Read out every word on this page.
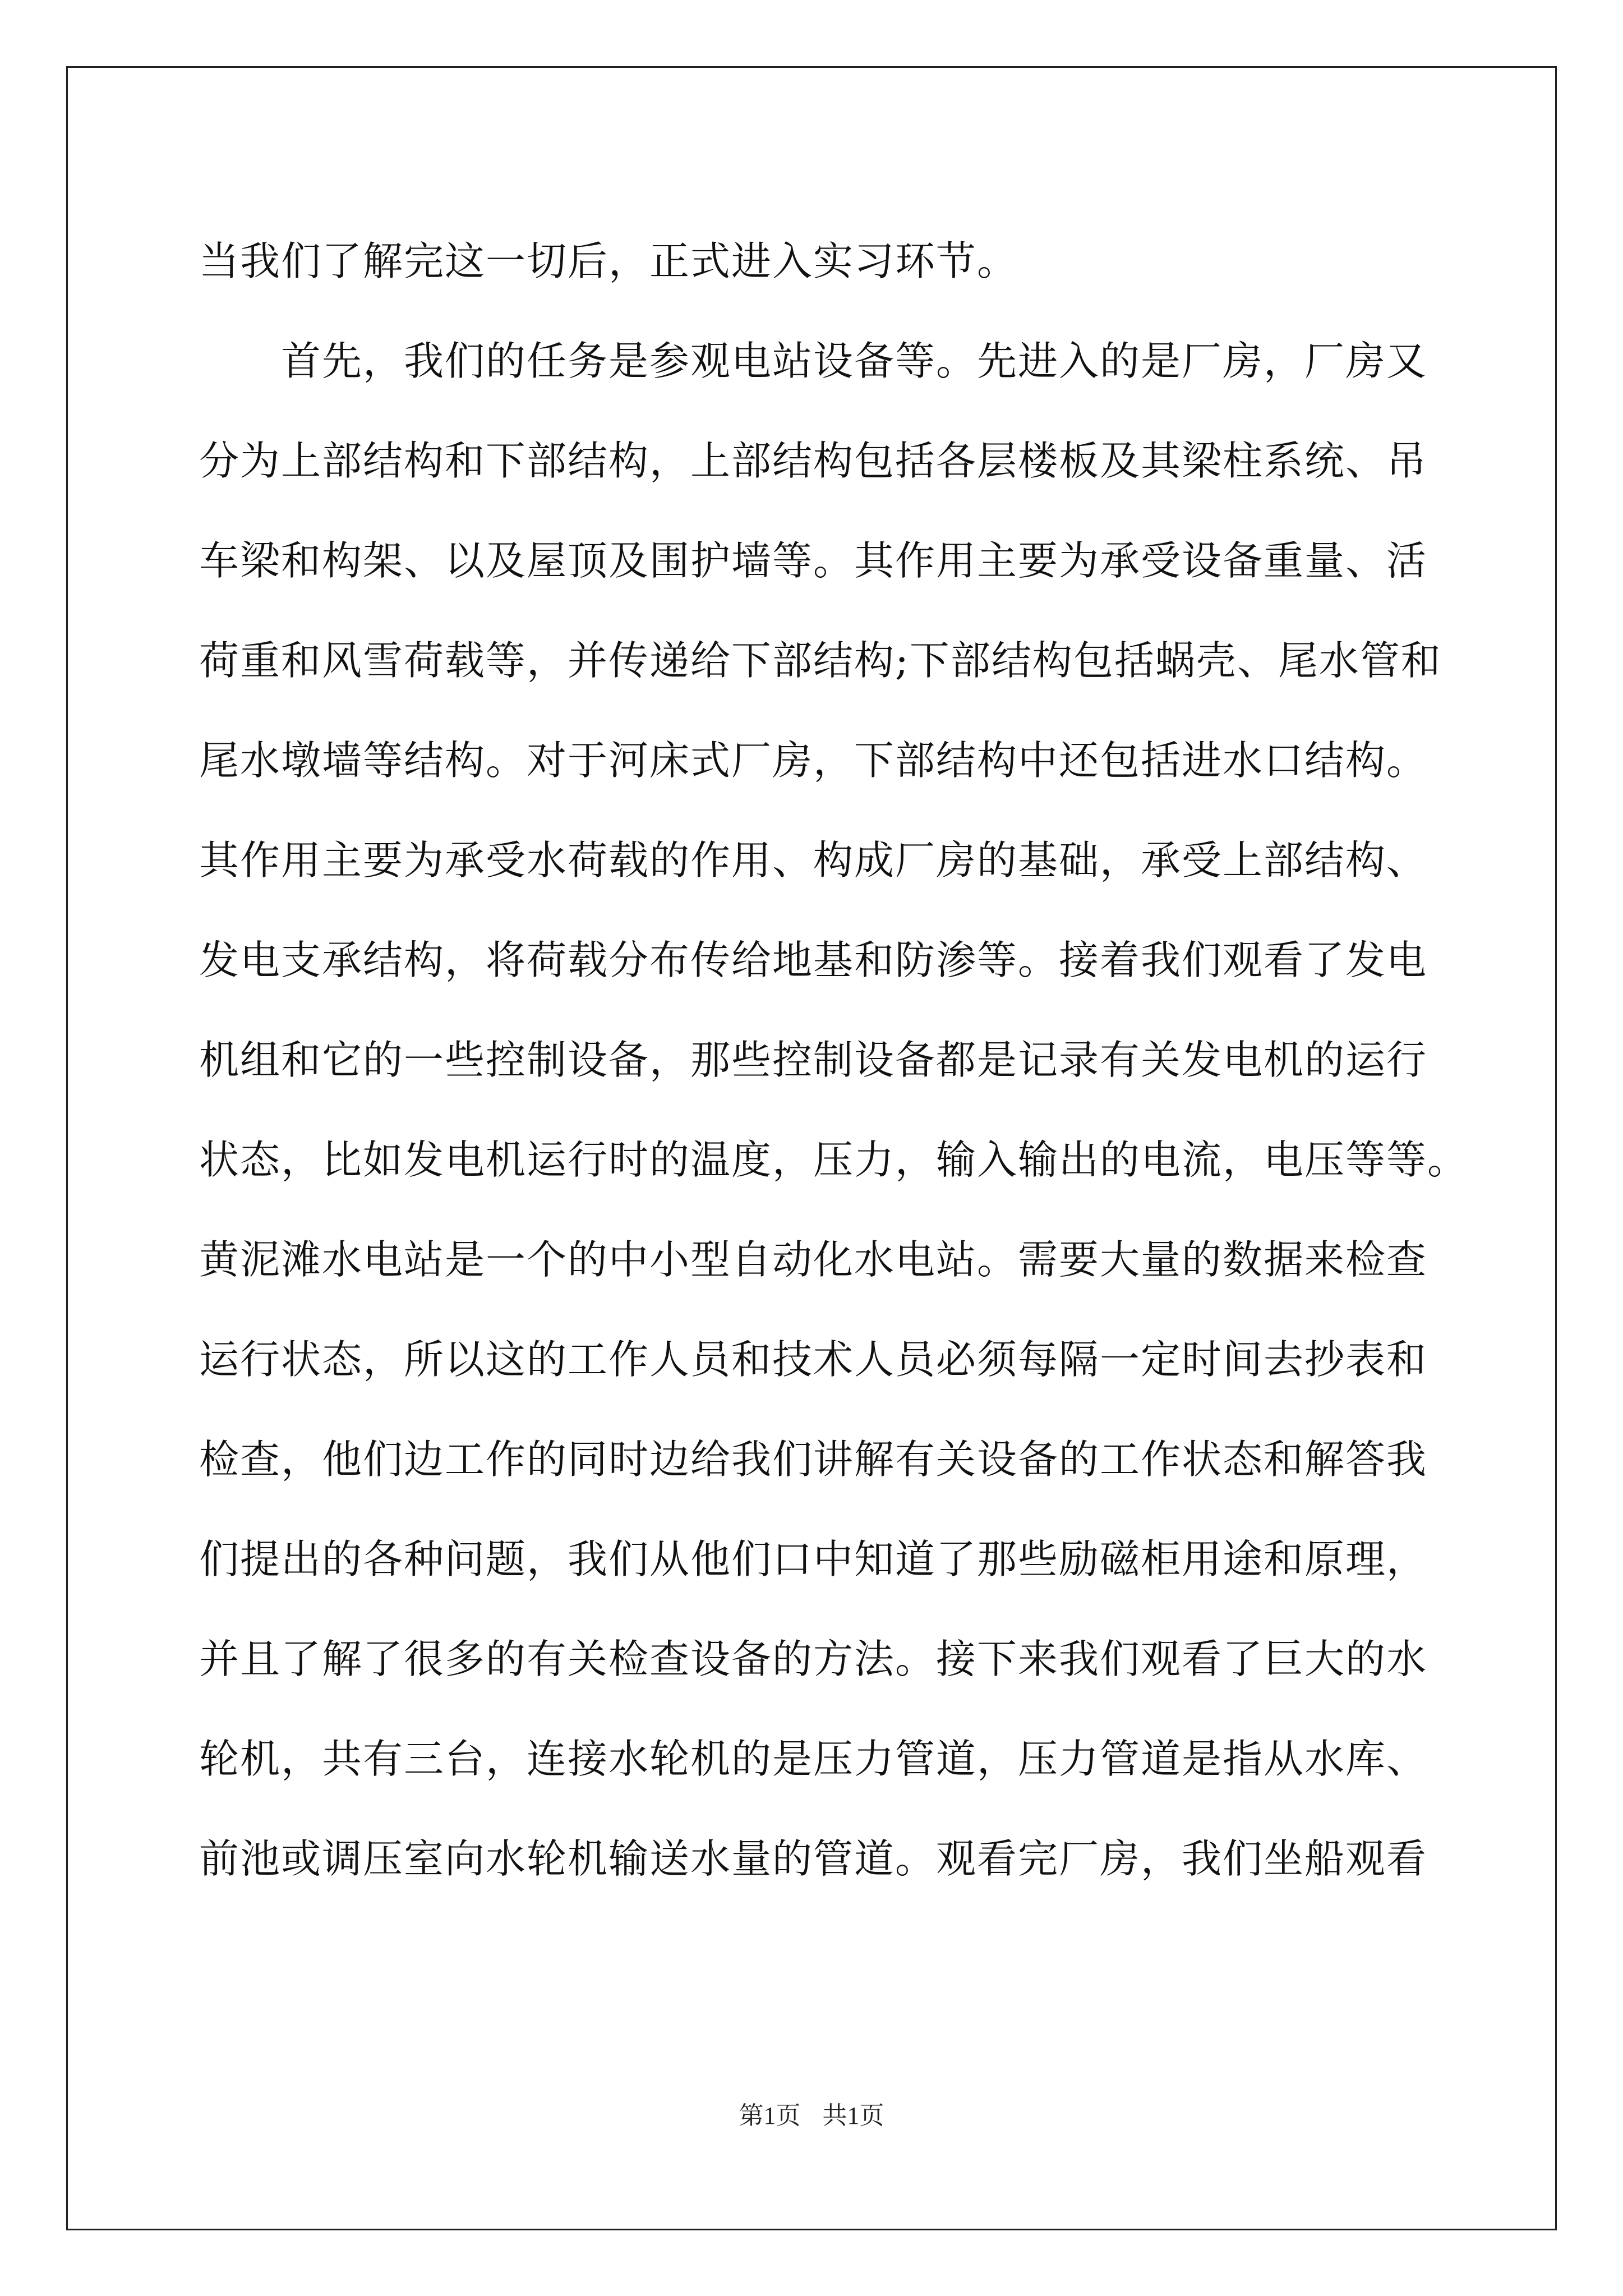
当我们了解完这一切后，正式进入实习环节。
　　首先，我们的任务是参观电站设备等。先进入的是厂房，厂房又
分为上部结构和下部结构，上部结构包括各层楼板及其梁柱系统、吊
车梁和构架、以及屋顶及围护墙等。其作用主要为承受设备重量、活
荷重和风雪荷载等，并传递给下部结构;下部结构包括蜗壳、尾水管和
尾水墩墙等结构。对于河床式厂房，下部结构中还包括进水口结构。
其作用主要为承受水荷载的作用、构成厂房的基础，承受上部结构、
发电支承结构，将荷载分布传给地基和防渗等。接着我们观看了发电
机组和它的一些控制设备，那些控制设备都是记录有关发电机的运行
状态，比如发电机运行时的温度，压力，输入输出的电流，电压等等。
黄泥滩水电站是一个的中小型自动化水电站。需要大量的数据来检查
运行状态，所以这的工作人员和技术人员必须每隔一定时间去抄表和
检查，他们边工作的同时边给我们讲解有关设备的工作状态和解答我
们提出的各种问题，我们从他们口中知道了那些励磁柜用途和原理，
并且了解了很多的有关检查设备的方法。接下来我们观看了巨大的水
轮机，共有三台，连接水轮机的是压力管道，压力管道是指从水库、
前池或调压室向水轮机输送水量的管道。观看完厂房，我们坐船观看
第1页 共1页
